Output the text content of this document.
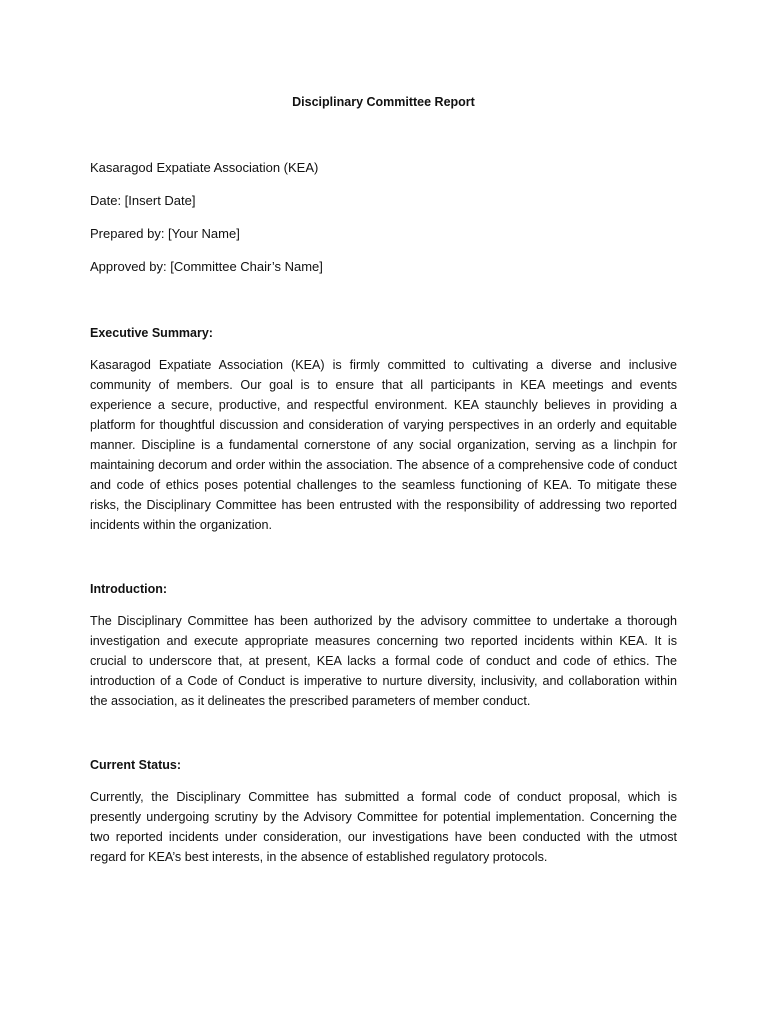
Disciplinary Committee Report
Kasaragod Expatiate Association (KEA)
Date: [Insert Date]
Prepared by: [Your Name]
Approved by: [Committee Chair’s Name]
Executive Summary:

Kasaragod Expatiate Association (KEA) is firmly committed to cultivating a diverse and inclusive community of members. Our goal is to ensure that all participants in KEA meetings and events experience a secure, productive, and respectful environment. KEA staunchly believes in providing a platform for thoughtful discussion and consideration of varying perspectives in an orderly and equitable manner. Discipline is a fundamental cornerstone of any social organization, serving as a linchpin for maintaining decorum and order within the association. The absence of a comprehensive code of conduct and code of ethics poses potential challenges to the seamless functioning of KEA. To mitigate these risks, the Disciplinary Committee has been entrusted with the responsibility of addressing two reported incidents within the organization.

Introduction:

The Disciplinary Committee has been authorized by the advisory committee to undertake a thorough investigation and execute appropriate measures concerning two reported incidents within KEA. It is crucial to underscore that, at present, KEA lacks a formal code of conduct and code of ethics. The introduction of a Code of Conduct is imperative to nurture diversity, inclusivity, and collaboration within the association, as it delineates the prescribed parameters of member conduct.

Current Status:

Currently, the Disciplinary Committee has submitted a formal code of conduct proposal, which is presently undergoing scrutiny by the Advisory Committee for potential implementation. Concerning the two reported incidents under consideration, our investigations have been conducted with the utmost regard for KEA’s best interests, in the absence of established regulatory protocols.
